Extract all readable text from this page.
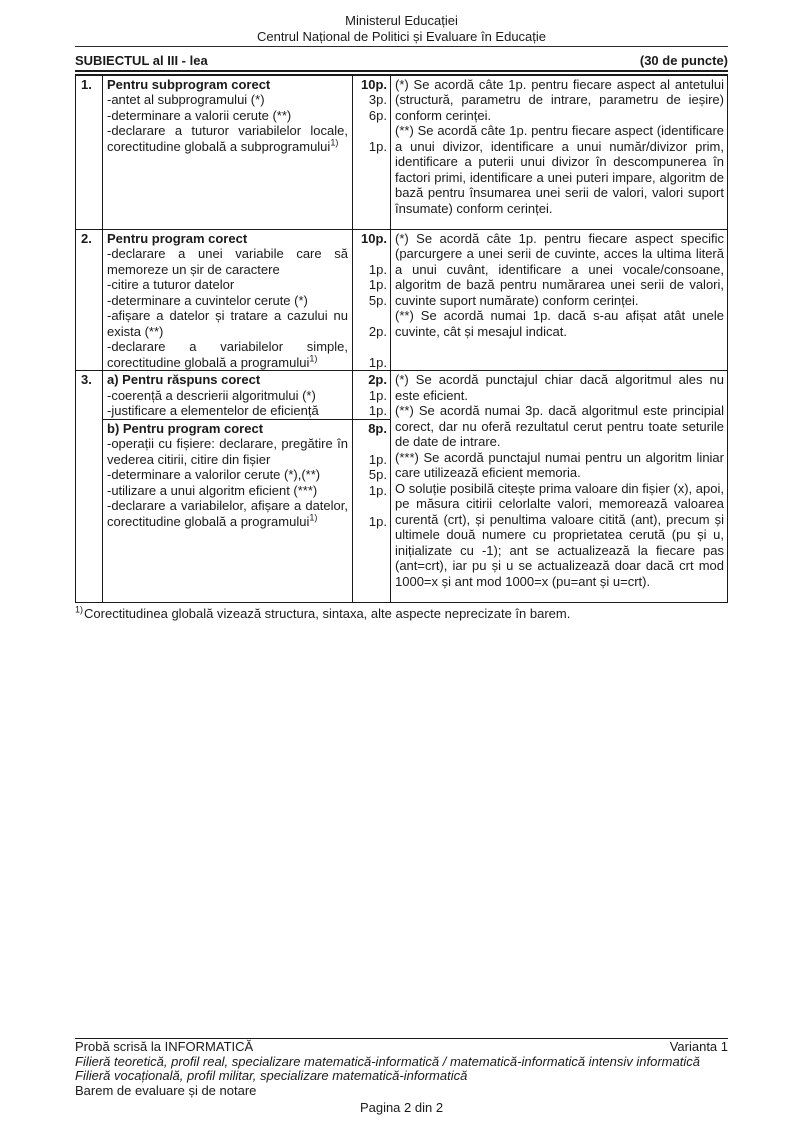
Ministerul Educației
Centrul Național de Politici și Evaluare în Educație
SUBIECTUL al III - lea	(30 de puncte)
1.	Pentru subprogram corect	10p.
-antet al subprogramului (*)	3p.
-determinare a valorii cerute (**)	6p.
-declarare a tuturor variabilelor locale, corectitudine globală a subprogramului$^{1)}$	1p.
(*) Se acordă câte 1p. pentru fiecare aspect al antetului (structură, parametru de intrare, parametru de ieșire) conform cerinței.
(**) Se acordă câte 1p. pentru fiecare aspect (identificare a unui divizor, identificare a unui număr/divizor prim, identificare a puterii unui divizor în descompunerea în factori primi, identificare a unei puteri impare, algoritm de bază pentru însumarea unei serii de valori, valori suport însumate) conform cerinței.
2.	Pentru program corect	10p.
-declarare a unei variabile care să memoreze un șir de caractere	1p.
-citire a tuturor datelor	1p.
-determinare a cuvintelor cerute (*)	5p.
-afișare a datelor și tratare a cazului nu exista (**)	2p.
-declarare a variabilelor simple, corectitudine globală a programului$^{1)}$	1p.
(*) Se acordă câte 1p. pentru fiecare aspect specific (parcurgere a unei serii de cuvinte, acces la ultima literă a unui cuvânt, identificare a unei vocale/consoane, algoritm de bază pentru numărarea unei serii de valori, cuvinte suport numărate) conform cerinței.
(**) Se acordă numai 1p. dacă s-au afișat atât unele cuvinte, cât și mesajul indicat.
3.	a) Pentru răspuns corect	2p.
-coerență a descrierii algoritmului (*)	1p.
-justificare a elementelor de eficiență	1p.
b) Pentru program corect	8p.
-operații cu fișiere: declarare, pregătire în vederea citirii, citire din fișier	1p.
-determinare a valorilor cerute (*),(**)	5p.
-utilizare a unui algoritm eficient (***)	1p.
-declarare a variabilelor, afișare a datelor, corectitudine globală a programului$^{1)}$	1p.
(*) Se acordă punctajul chiar dacă algoritmul ales nu este eficient.
(**) Se acordă numai 3p. dacă algoritmul este principial corect, dar nu oferă rezultatul cerut pentru toate seturile de date de intrare.
(***) Se acordă punctajul numai pentru un algoritm liniar care utilizează eficient memoria.
O soluție posibilă citește prima valoare din fișier (x), apoi, pe măsura citirii celorlalte valori, memorează valoarea curentă (crt), și penultima valoare citită (ant), precum și ultimele două numere cu proprietatea cerută (pu și u, inițializate cu -1); ant se actualizează la fiecare pas (ant=crt), iar pu și u se actualizează doar dacă crt mod 1000=x și ant mod 1000=x (pu=ant și u=crt).
$^{1)}$Corectitudinea globală vizează structura, sintaxa, alte aspecte neprecizate în barem.
Probă scrisă la INFORMATICĂ	Varianta 1
Filieră teoretică, profil real, specializare matematică-informatică / matematică-informatică intensiv informatică
Filieră vocațională, profil militar, specializare matematică-informatică
Barem de evaluare și de notare
Pagina 2 din 2
